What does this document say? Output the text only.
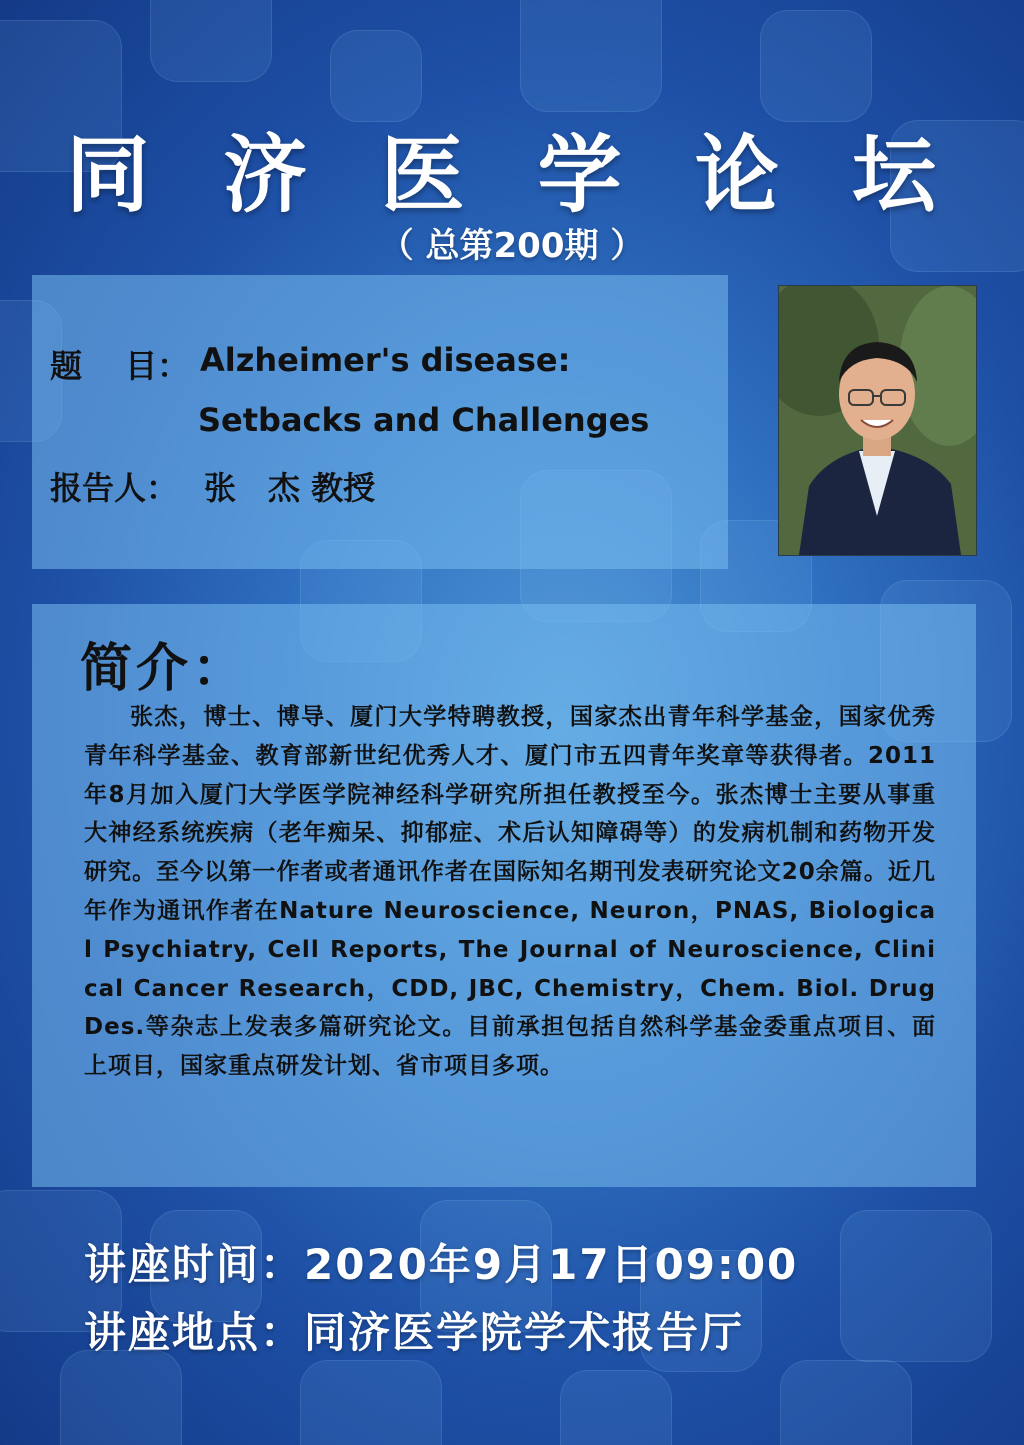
同 济 医 学 论 坛
（ 总第200期 ）
题　 目： Alzheimer's disease:
Setbacks and Challenges
报告人： 张　杰 教授
简介：
张杰，博士、博导、厦门大学特聘教授，国家杰出青年科学基金，国家优秀青年科学基金、教育部新世纪优秀人才、厦门市五四青年奖章等获得者。2011年8月加入厦门大学医学院神经科学研究所担任教授至今。张杰博士主要从事重大神经系统疾病（老年痴呆、抑郁症、术后认知障碍等）的发病机制和药物开发研究。至今以第一作者或者通讯作者在国际知名期刊发表研究论文20余篇。近几年作为通讯作者在Nature Neuroscience, Neuron，PNAS, Biological Psychiatry, Cell Reports, The Journal of Neuroscience, Clinical Cancer Research，CDD, JBC, Chemistry，Chem. Biol. Drug Des.等杂志上发表多篇研究论文。目前承担包括自然科学基金委重点项目、面上项目，国家重点研发计划、省市项目多项。
讲座时间：2020年9月17日09:00
讲座地点：同济医学院学术报告厅
